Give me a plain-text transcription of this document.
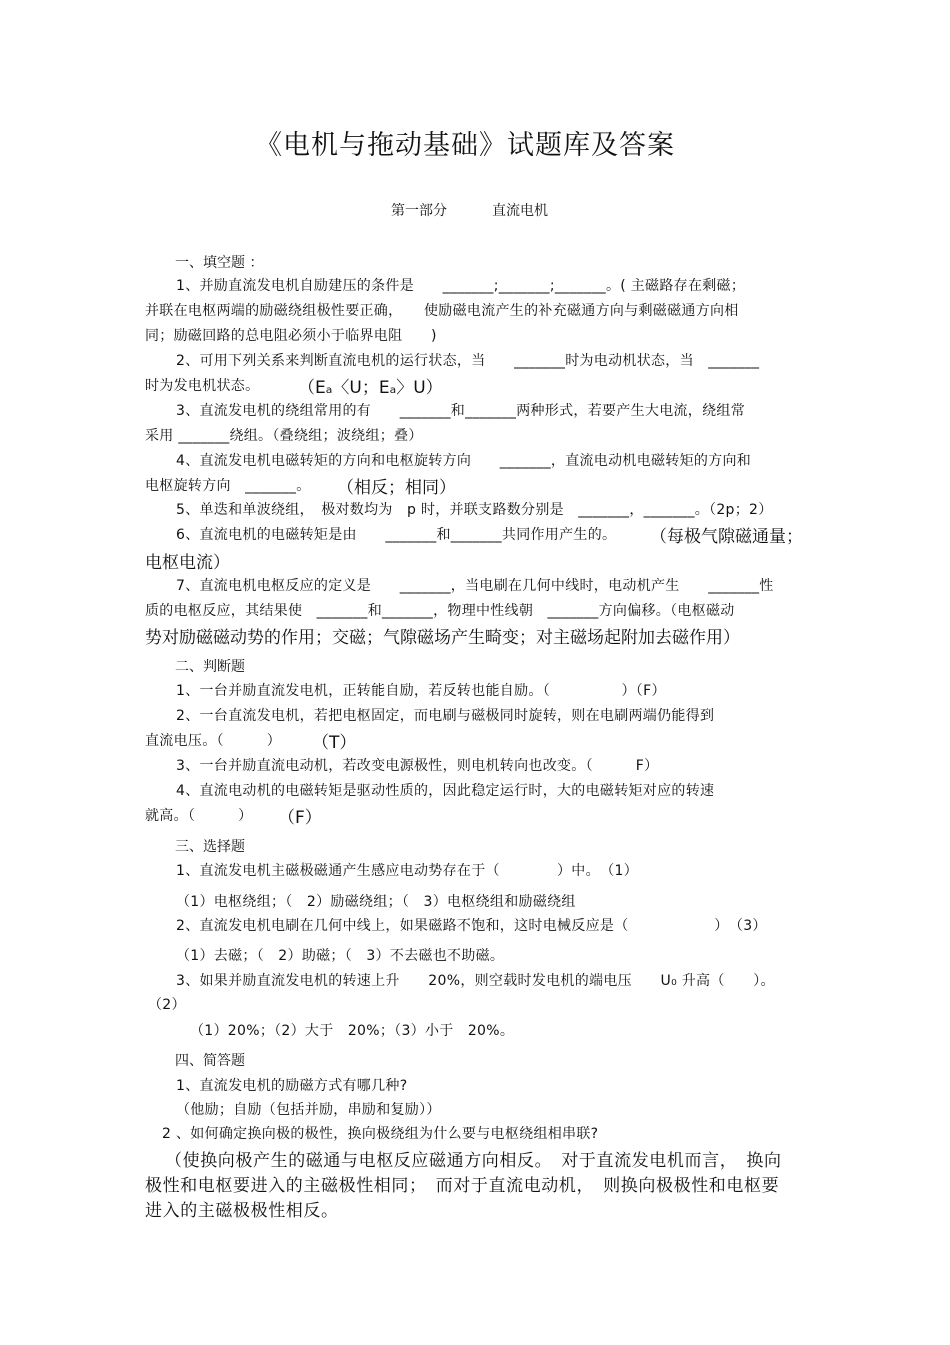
《电机与拖动基础》试题库及答案
第一部分	直流电机
一、填空题 ：
1、并励直流发电机自励建压的条件是　　_______;_______;_______。( 主磁路存在剩磁；
并联在电枢两端的励磁绕组极性要正确，　　使励磁电流产生的补充磁通方向与剩磁磁通方向相
同；励磁回路的总电阻必须小于临界电阻　　)
2、可用下列关系来判断直流电机的运行状态，当　　_______时为电动机状态，当　_______
时为发电机状态。 （Eₐ〈U；Eₐ〉U）
3、直流发电机的绕组常用的有　　_______和_______两种形式，若要产生大电流，绕组常
采用 _______绕组。（叠绕组；波绕组；叠）
4、直流发电机电磁转矩的方向和电枢旋转方向　　_______，直流电动机电磁转矩的方向和
电枢旋转方向　_______。 （相反；相同）
5、单迭和单波绕组，　极对数均为　p 时，并联支路数分别是　_______，_______。（2p；2）
6、直流电机的电磁转矩是由　　_______和_______共同作用产生的。 （每极气隙磁通量；
电枢电流）
7、直流电机电枢反应的定义是　　_______，当电刷在几何中线时，电动机产生　　_______性
质的电枢反应，其结果使　_______和_______，物理中性线朝　_______方向偏移。（电枢磁动
势对励磁磁动势的作用；交磁；气隙磁场产生畸变；对主磁场起附加去磁作用）
二、判断题
1、一台并励直流发电机，正转能自励，若反转也能自励。（　　　　　）（F）
2、一台直流发电机，若把电枢固定，而电刷与磁极同时旋转，则在电刷两端仍能得到
直流电压。（　　　） （T）
3、一台并励直流电动机，若改变电源极性，则电机转向也改变。（　　　F）
4、直流电动机的电磁转矩是驱动性质的，因此稳定运行时，大的电磁转矩对应的转速
就高。（　　　） （F）
三、选择题
1、直流发电机主磁极磁通产生感应电动势存在于（　　　　）中。　（1）
（1）电枢绕组；（　2）励磁绕组；（　3）电枢绕组和励磁绕组
2、直流发电机电刷在几何中线上，如果磁路不饱和，这时电械反应是（　　　　　　）　（3）
（1）去磁；（　2）助磁；（　3）不去磁也不助磁。
3、如果并励直流发电机的转速上升　　20%，则空载时发电机的端电压　　U₀ 升高（　　）。
（2）
（1）20%；（2）大于　20%；（3）小于　20%。
四、简答题
1、直流发电机的励磁方式有哪几种?
（他励；自励（包括并励，串励和复励））
2 、如何确定换向极的极性，换向极绕组为什么要与电枢绕组相串联?
（使换向极产生的磁通与电枢反应磁通方向相反。　对于直流发电机而言，　换向
极性和电枢要进入的主磁极性相同；　而对于直流电动机，　则换向极极性和电枢要
进入的主磁极极性相反。
